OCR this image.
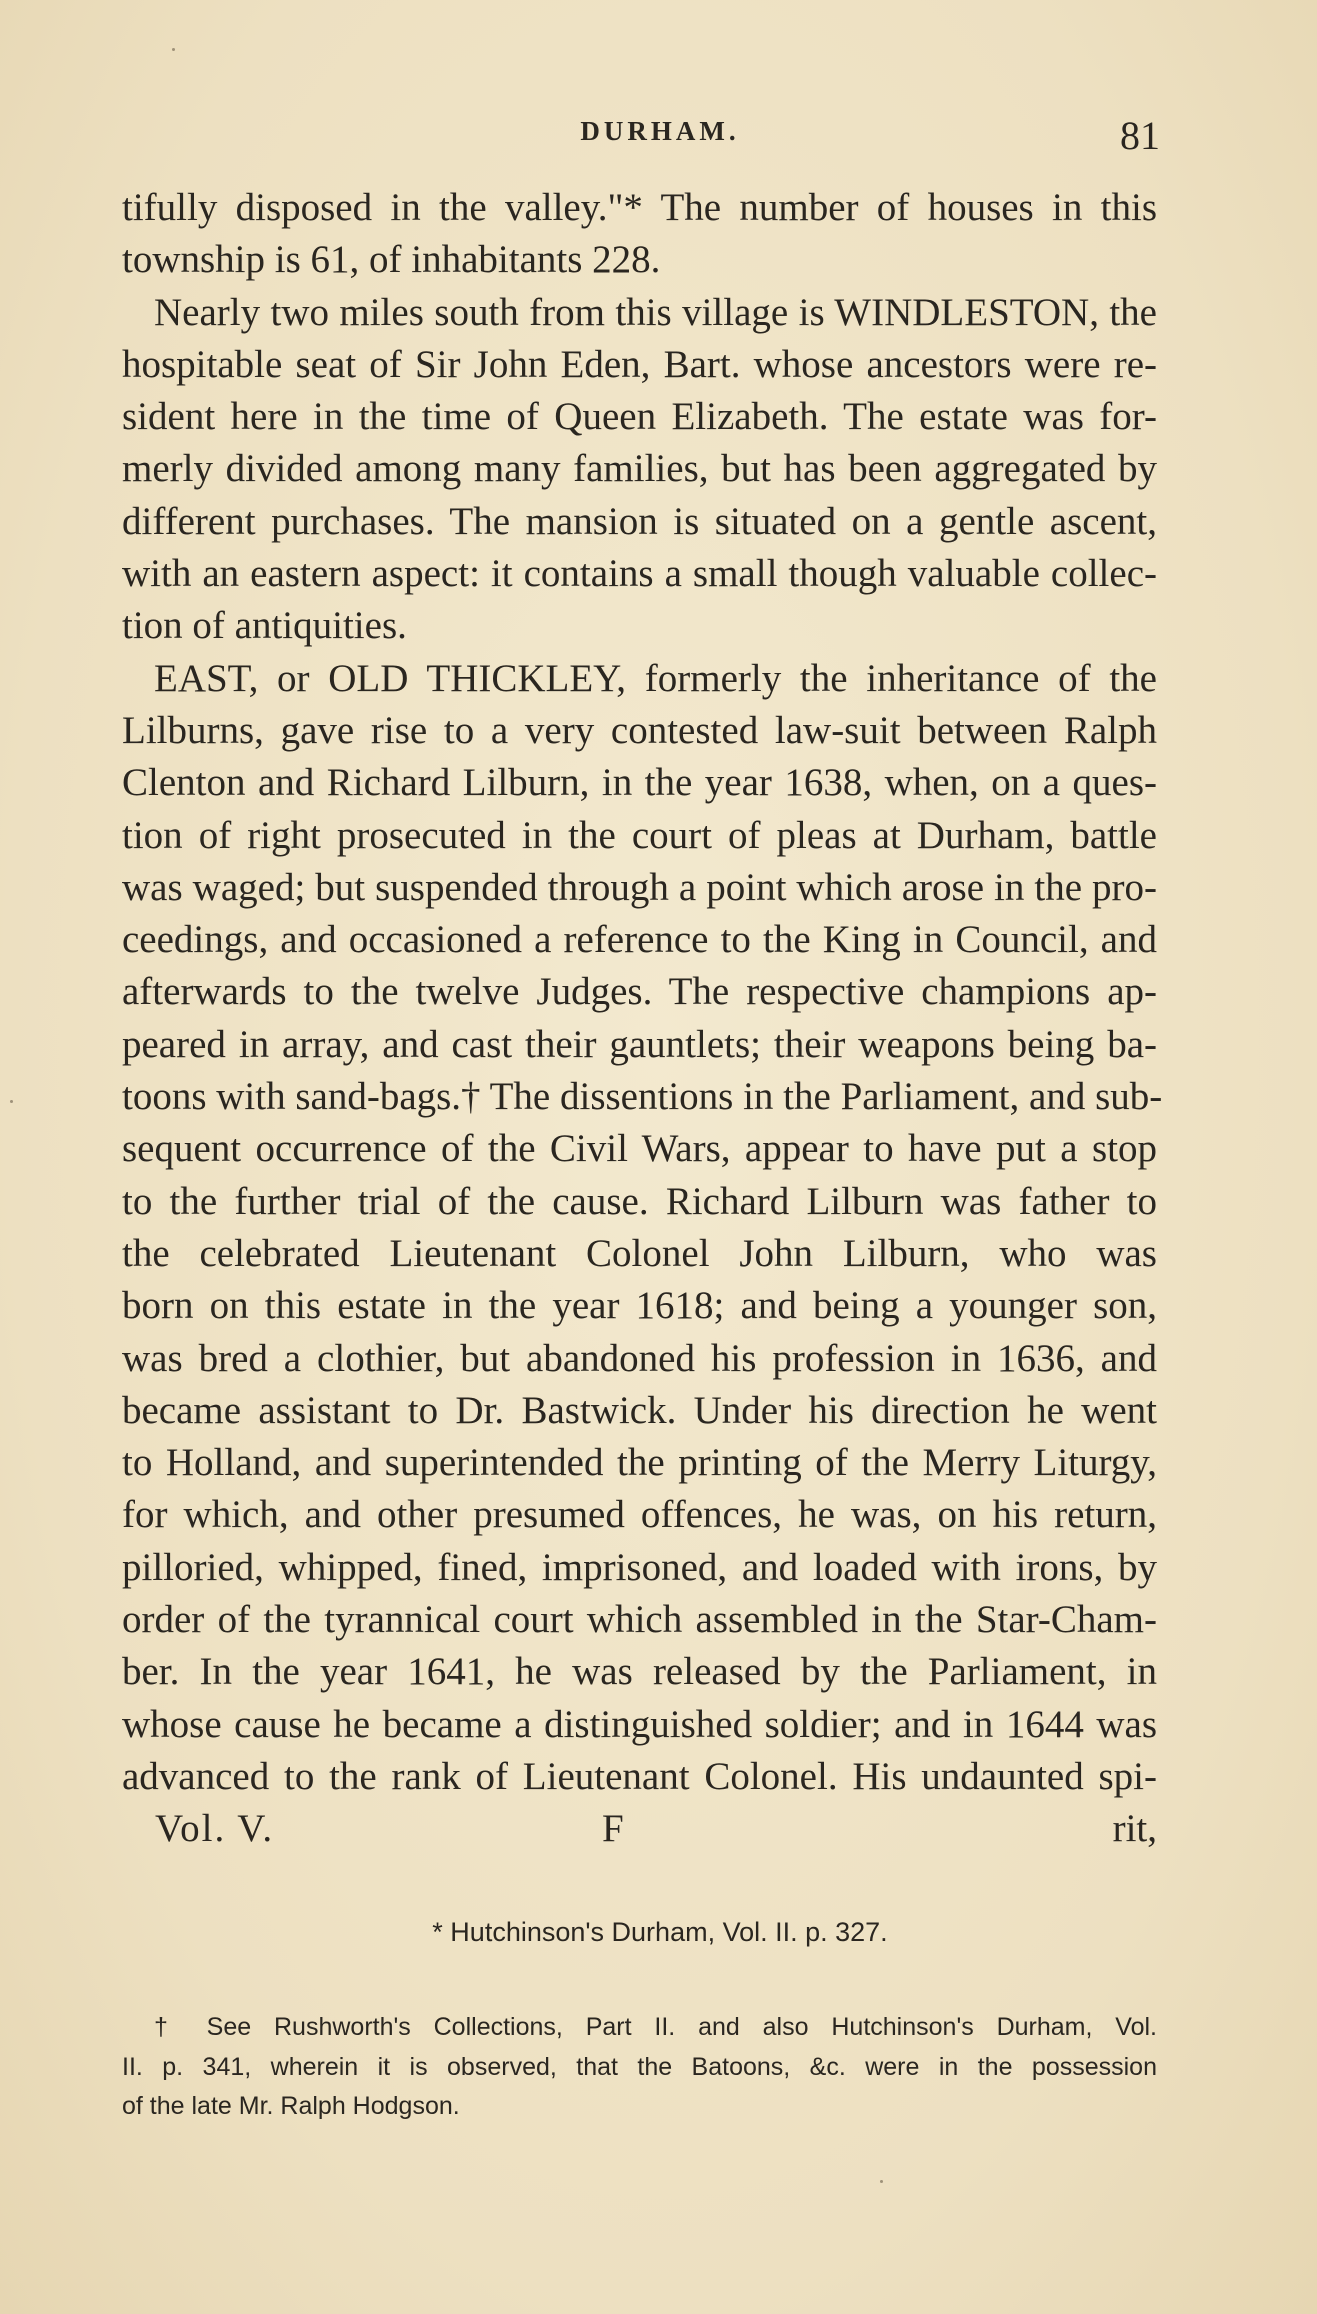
DURHAM.	81
tifully disposed in the valley."* The number of houses in this
township is 61, of inhabitants 228.
Nearly two miles south from this village is WINDLESTON, the
hospitable seat of Sir John Eden, Bart. whose ancestors were re-
sident here in the time of Queen Elizabeth. The estate was for-
merly divided among many families, but has been aggregated by
different purchases. The mansion is situated on a gentle ascent,
with an eastern aspect: it contains a small though valuable collec-
tion of antiquities.
EAST, or OLD THICKLEY, formerly the inheritance of the
Lilburns, gave rise to a very contested law-suit between Ralph
Clenton and Richard Lilburn, in the year 1638, when, on a ques-
tion of right prosecuted in the court of pleas at Durham, battle
was waged; but suspended through a point which arose in the pro-
ceedings, and occasioned a reference to the King in Council, and
afterwards to the twelve Judges. The respective champions ap-
peared in array, and cast their gauntlets; their weapons being ba-
toons with sand-bags.† The dissentions in the Parliament, and sub-
sequent occurrence of the Civil Wars, appear to have put a stop
to the further trial of the cause. Richard Lilburn was father to
the celebrated Lieutenant Colonel John Lilburn, who was
born on this estate in the year 1618; and being a younger son,
was bred a clothier, but abandoned his profession in 1636, and
became assistant to Dr. Bastwick. Under his direction he went
to Holland, and superintended the printing of the Merry Liturgy,
for which, and other presumed offences, he was, on his return,
pilloried, whipped, fined, imprisoned, and loaded with irons, by
order of the tyrannical court which assembled in the Star-Cham-
ber. In the year 1641, he was released by the Parliament, in
whose cause he became a distinguished soldier; and in 1644 was
advanced to the rank of Lieutenant Colonel. His undaunted spi-
Vol. V.	F	rit,
* Hutchinson's Durham, Vol. II. p. 327.
† See Rushworth's Collections, Part II. and also Hutchinson's Durham, Vol.
II. p. 341, wherein it is observed, that the Batoons, &c. were in the possession
of the late Mr. Ralph Hodgson.
